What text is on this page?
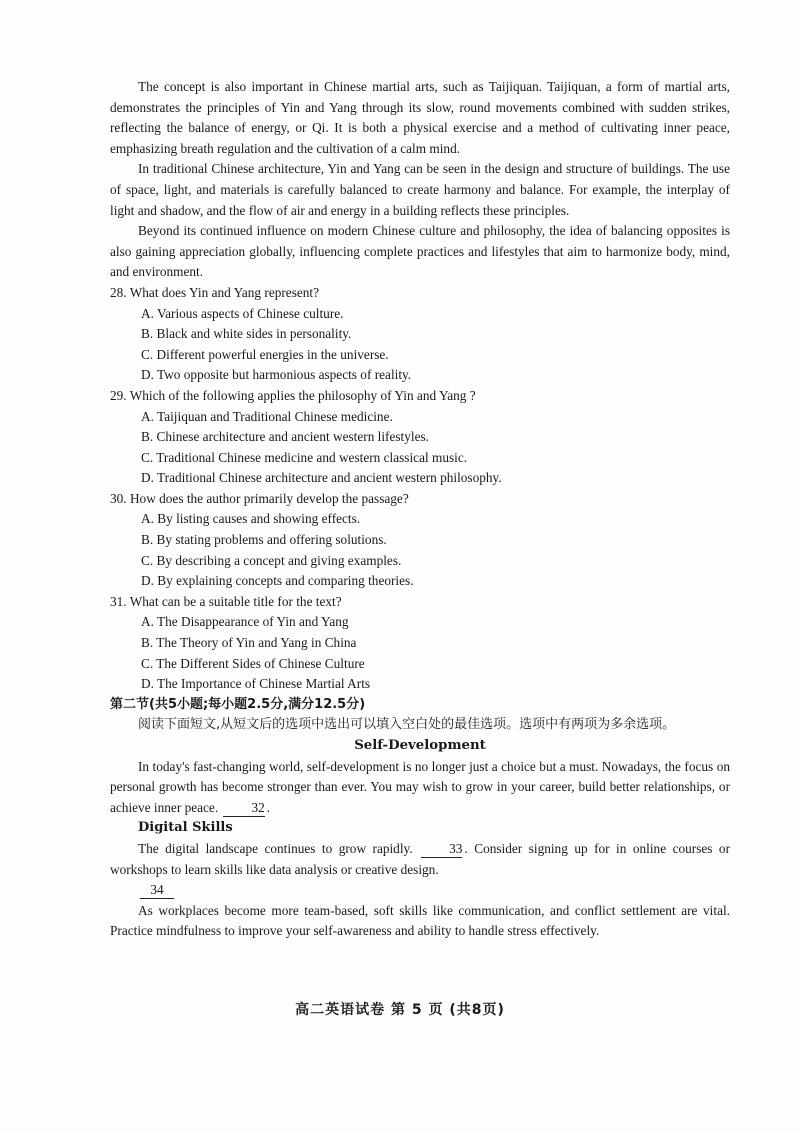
The concept is also important in Chinese martial arts, such as Taijiquan. Taijiquan, a form of martial arts, demonstrates the principles of Yin and Yang through its slow, round movements combined with sudden strikes, reflecting the balance of energy, or Qi. It is both a physical exercise and a method of cultivating inner peace, emphasizing breath regulation and the cultivation of a calm mind.

In traditional Chinese architecture, Yin and Yang can be seen in the design and structure of buildings. The use of space, light, and materials is carefully balanced to create harmony and balance. For example, the interplay of light and shadow, and the flow of air and energy in a building reflects these principles.

Beyond its continued influence on modern Chinese culture and philosophy, the idea of balancing opposites is also gaining appreciation globally, influencing complete practices and lifestyles that aim to harmonize body, mind, and environment.

28. What does Yin and Yang represent?

A. Various aspects of Chinese culture.
B. Black and white sides in personality.
C. Different powerful energies in the universe.
D. Two opposite but harmonious aspects of reality.

29. Which of the following applies the philosophy of Yin and Yang ?

A. Taijiquan and Traditional Chinese medicine.
B. Chinese architecture and ancient western lifestyles.
C. Traditional Chinese medicine and western classical music.
D. Traditional Chinese architecture and ancient western philosophy.

30. How does the author primarily develop the passage?

A. By listing causes and showing effects.
B. By stating problems and offering solutions.
C. By describing a concept and giving examples.
D. By explaining concepts and comparing theories.

31. What can be a suitable title for the text?

A. The Disappearance of Yin and Yang
B. The Theory of Yin and Yang in China
C. The Different Sides of Chinese Culture
D. The Importance of Chinese Martial Arts

第二节(共5小题;每小题2.5分,满分12.5分)

阅读下面短文,从短文后的选项中选出可以填入空白处的最佳选项。选项中有两项为多余选项。

Self-Development

In today's fast-changing world, self-development is no longer just a choice but a must. Nowadays, the focus on personal growth has become stronger than ever. You may wish to grow in your career, build better relationships, or achieve inner peace.	32 .

Digital Skills

The digital landscape continues to grow rapidly.	33 . Consider signing up for in online courses or workshops to learn skills like data analysis or creative design.

34

As workplaces become more team-based, soft skills like communication, and conflict settlement are vital. Practice mindfulness to improve your self-awareness and ability to handle stress effectively.

高二英语试卷 第 5 页 (共8页)
